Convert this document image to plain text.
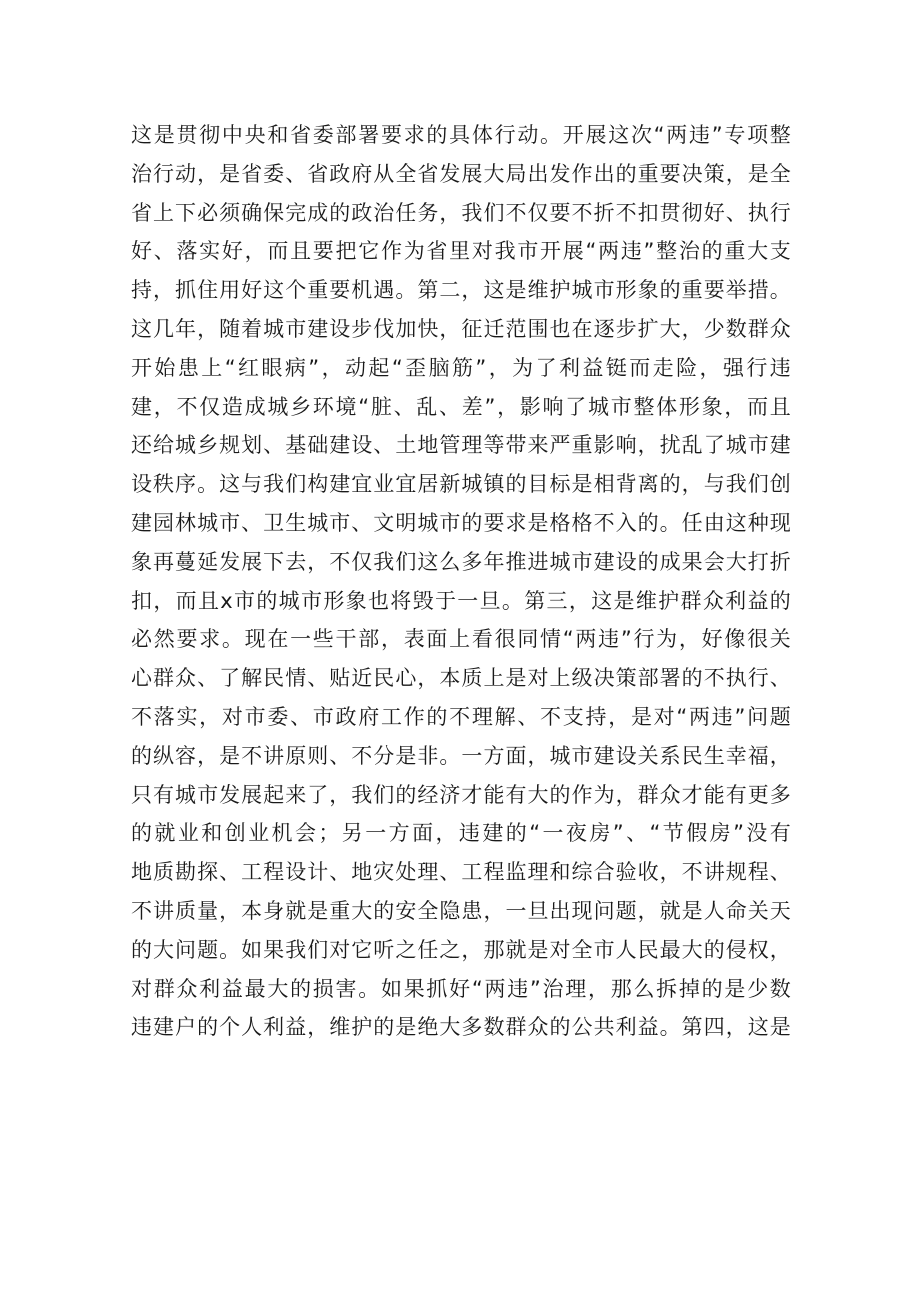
这是贯彻中央和省委部署要求的具体行动。开展这次“两违”专项整
治行动，是省委、省政府从全省发展大局出发作出的重要决策，是全
省上下必须确保完成的政治任务，我们不仅要不折不扣贯彻好、执行
好、落实好，而且要把它作为省里对我市开展“两违”整治的重大支
持，抓住用好这个重要机遇。第二，这是维护城市形象的重要举措。
这几年，随着城市建设步伐加快，征迁范围也在逐步扩大，少数群众
开始患上“红眼病”，动起“歪脑筋”，为了利益铤而走险，强行违
建，不仅造成城乡环境“脏、乱、差”，影响了城市整体形象，而且
还给城乡规划、基础建设、土地管理等带来严重影响，扰乱了城市建
设秩序。这与我们构建宜业宜居新城镇的目标是相背离的，与我们创
建园林城市、卫生城市、文明城市的要求是格格不入的。任由这种现
象再蔓延发展下去，不仅我们这么多年推进城市建设的成果会大打折
扣，而且x市的城市形象也将毁于一旦。第三，这是维护群众利益的
必然要求。现在一些干部，表面上看很同情“两违”行为，好像很关
心群众、了解民情、贴近民心，本质上是对上级决策部署的不执行、
不落实，对市委、市政府工作的不理解、不支持，是对“两违”问题
的纵容，是不讲原则、不分是非。一方面，城市建设关系民生幸福，
只有城市发展起来了，我们的经济才能有大的作为，群众才能有更多
的就业和创业机会；另一方面，违建的“一夜房”、“节假房”没有
地质勘探、工程设计、地灾处理、工程监理和综合验收，不讲规程、
不讲质量，本身就是重大的安全隐患，一旦出现问题，就是人命关天
的大问题。如果我们对它听之任之，那就是对全市人民最大的侵权，
对群众利益最大的损害。如果抓好“两违”治理，那么拆掉的是少数
违建户的个人利益，维护的是绝大多数群众的公共利益。第四，这是
